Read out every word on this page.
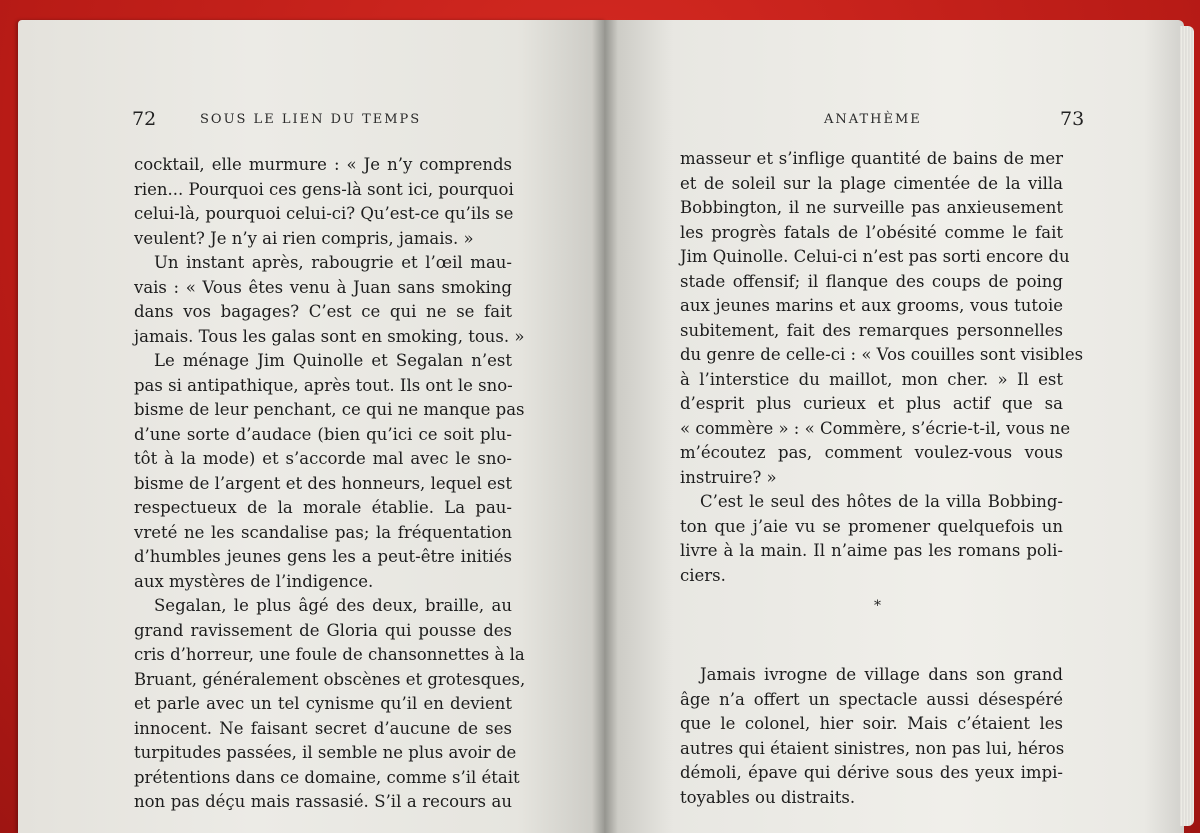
72	SOUS LE LIEN DU TEMPS
cocktail, elle murmure : « Je n’y comprends
rien... Pourquoi ces gens-là sont ici, pourquoi
celui-là, pourquoi celui-ci? Qu’est-ce qu’ils se
veulent? Je n’y ai rien compris, jamais. »
Un instant après, rabougrie et l’œil mau-
vais : « Vous êtes venu à Juan sans smoking
dans vos bagages? C’est ce qui ne se fait
jamais. Tous les galas sont en smoking, tous. »
Le ménage Jim Quinolle et Segalan n’est
pas si antipathique, après tout. Ils ont le sno-
bisme de leur penchant, ce qui ne manque pas
d’une sorte d’audace (bien qu’ici ce soit plu-
tôt à la mode) et s’accorde mal avec le sno-
bisme de l’argent et des honneurs, lequel est
respectueux de la morale établie. La pau-
vreté ne les scandalise pas; la fréquentation
d’humbles jeunes gens les a peut-être initiés
aux mystères de l’indigence.
Segalan, le plus âgé des deux, braille, au
grand ravissement de Gloria qui pousse des
cris d’horreur, une foule de chansonnettes à la
Bruant, généralement obscènes et grotesques,
et parle avec un tel cynisme qu’il en devient
innocent. Ne faisant secret d’aucune de ses
turpitudes passées, il semble ne plus avoir de
prétentions dans ce domaine, comme s’il était
non pas déçu mais rassasié. S’il a recours au
ANATHÈME	73
masseur et s’inflige quantité de bains de mer
et de soleil sur la plage cimentée de la villa
Bobbington, il ne surveille pas anxieusement
les progrès fatals de l’obésité comme le fait
Jim Quinolle. Celui-ci n’est pas sorti encore du
stade offensif; il flanque des coups de poing
aux jeunes marins et aux grooms, vous tutoie
subitement, fait des remarques personnelles
du genre de celle-ci : « Vos couilles sont visibles
à l’interstice du maillot, mon cher. » Il est
d’esprit plus curieux et plus actif que sa
« commère » : « Commère, s’écrie-t-il, vous ne
m’écoutez pas, comment voulez-vous vous
instruire? »
C’est le seul des hôtes de la villa Bobbing-
ton que j’aie vu se promener quelquefois un
livre à la main. Il n’aime pas les romans poli-
ciers.
*
Jamais ivrogne de village dans son grand
âge n’a offert un spectacle aussi désespéré
que le colonel, hier soir. Mais c’étaient les
autres qui étaient sinistres, non pas lui, héros
démoli, épave qui dérive sous des yeux impi-
toyables ou distraits.
